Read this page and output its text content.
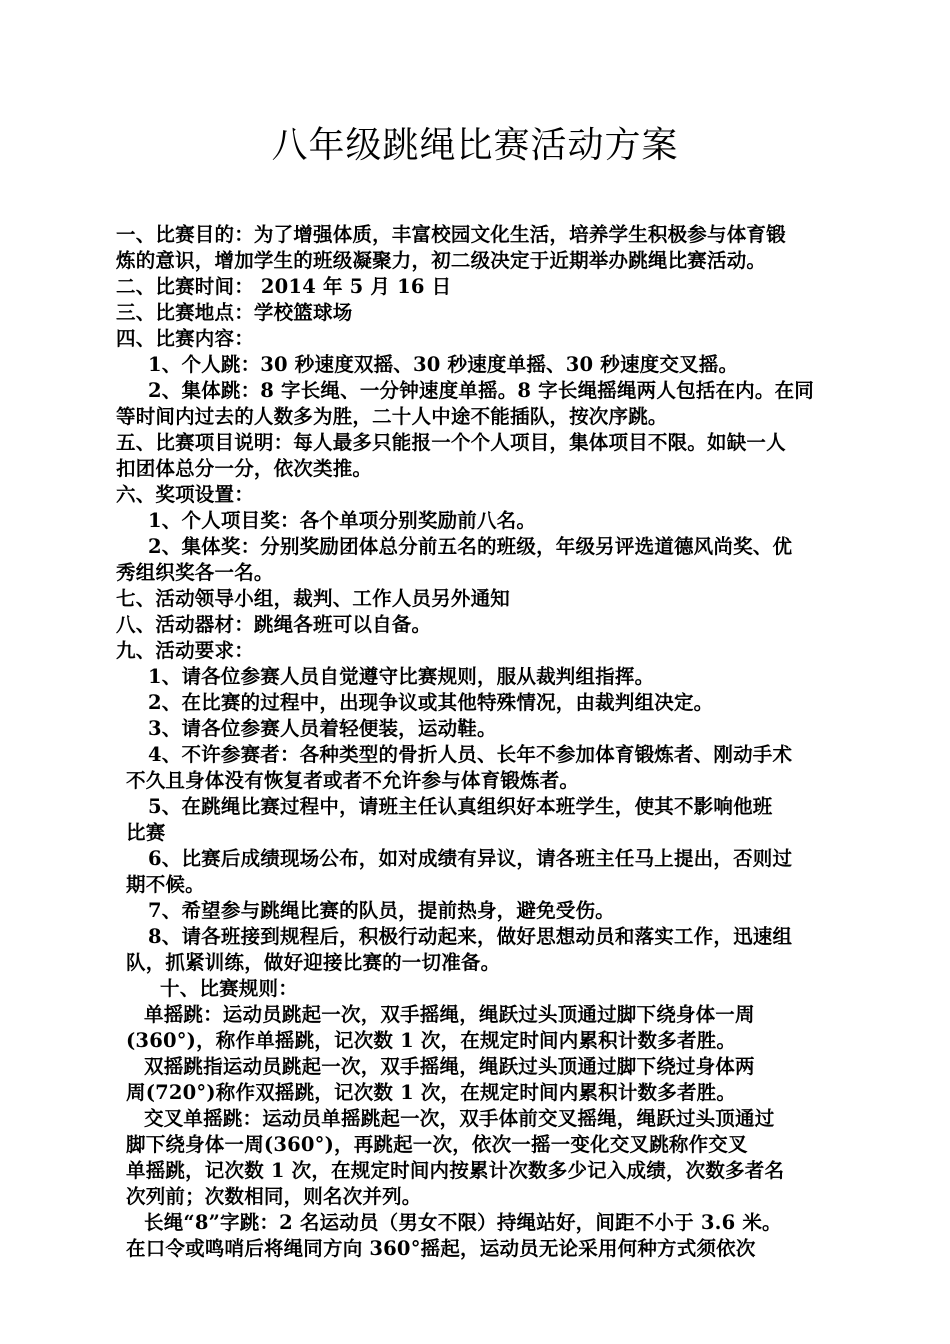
八年级跳绳比赛活动方案
一、比赛目的：为了增强体质，丰富校园文化生活，培养学生积极参与体育锻
炼的意识，增加学生的班级凝聚力，初二级决定于近期举办跳绳比赛活动。
二、比赛时间： 2014 年 5 月 16 日
三、比赛地点：学校篮球场
四、比赛内容：
1、个人跳：30 秒速度双摇、30 秒速度单摇、30 秒速度交叉摇。
2、集体跳：8 字长绳、一分钟速度单摇。8 字长绳摇绳两人包括在内。在同
等时间内过去的人数多为胜，二十人中途不能插队，按次序跳。
五、比赛项目说明：每人最多只能报一个个人项目，集体项目不限。如缺一人
扣团体总分一分，依次类推。
六、奖项设置：
1、个人项目奖：各个单项分别奖励前八名。
2、集体奖：分别奖励团体总分前五名的班级，年级另评选道德风尚奖、优
秀组织奖各一名。
七、活动领导小组，裁判、工作人员另外通知
八、活动器材：跳绳各班可以自备。
九、活动要求：
1、请各位参赛人员自觉遵守比赛规则，服从裁判组指挥。
2、在比赛的过程中，出现争议或其他特殊情况，由裁判组决定。
3、请各位参赛人员着轻便装，运动鞋。
4、不许参赛者：各种类型的骨折人员、长年不参加体育锻炼者、刚动手术
不久且身体没有恢复者或者不允许参与体育锻炼者。
5、在跳绳比赛过程中，请班主任认真组织好本班学生，使其不影响他班
比赛
6、比赛后成绩现场公布，如对成绩有异议，请各班主任马上提出，否则过
期不候。
7、希望参与跳绳比赛的队员，提前热身，避免受伤。
8、请各班接到规程后，积极行动起来，做好思想动员和落实工作，迅速组
队，抓紧训练，做好迎接比赛的一切准备。
十、比赛规则：
单摇跳：运动员跳起一次，双手摇绳，绳跃过头顶通过脚下绕身体一周
(360°)，称作单摇跳，记次数 1 次，在规定时间内累积计数多者胜。
双摇跳指运动员跳起一次，双手摇绳，绳跃过头顶通过脚下绕过身体两
周(720°)称作双摇跳，记次数 1 次，在规定时间内累积计数多者胜。
交叉单摇跳：运动员单摇跳起一次，双手体前交叉摇绳，绳跃过头顶通过
脚下绕身体一周(360°)，再跳起一次，依次一摇一变化交叉跳称作交叉
单摇跳，记次数 1 次，在规定时间内按累计次数多少记入成绩，次数多者名
次列前；次数相同，则名次并列。
长绳“8”字跳：2 名运动员（男女不限）持绳站好，间距不小于 3.6 米。
在口令或鸣哨后将绳同方向 360°摇起，运动员无论采用何种方式须依次
